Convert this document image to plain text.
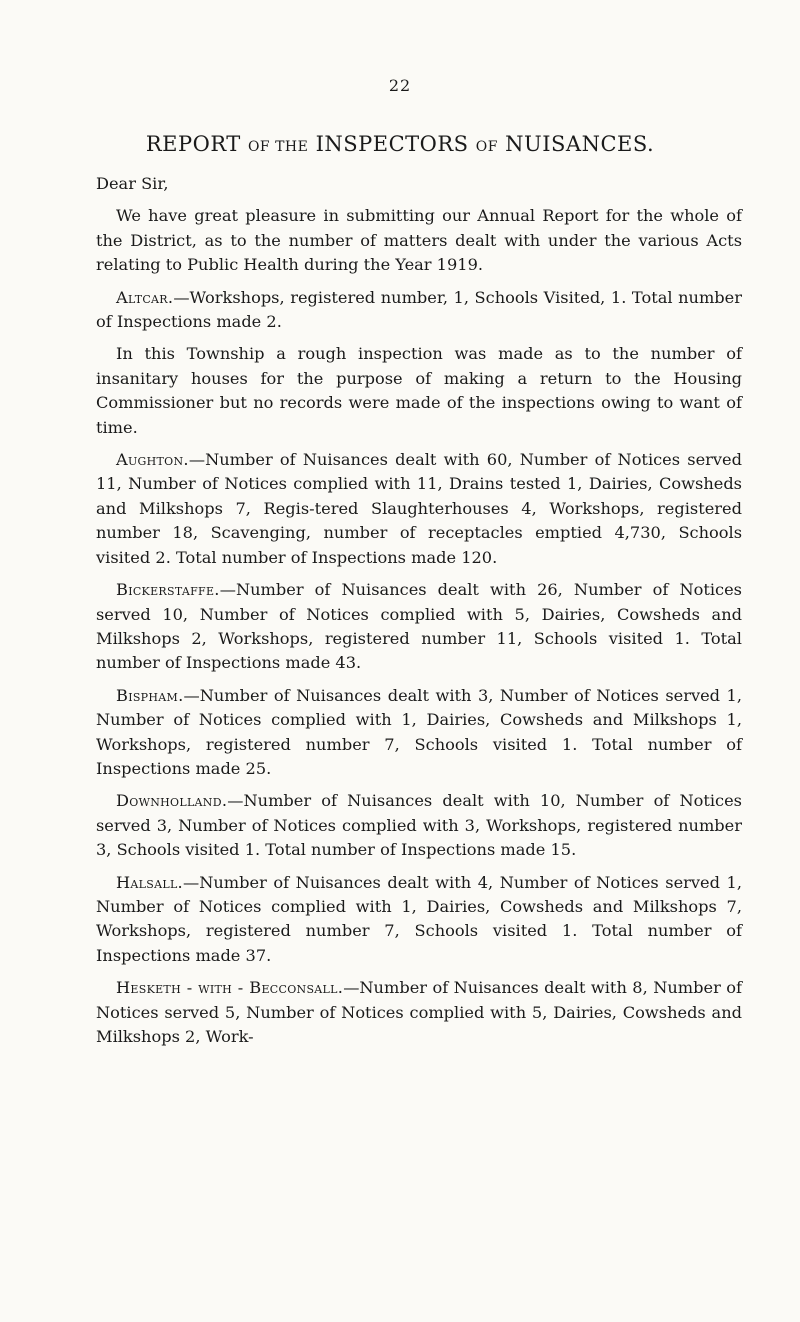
22
REPORT OF THE INSPECTORS OF NUISANCES.

Dear Sir,

We have great pleasure in submitting our Annual Report for the whole of the District, as to the number of matters dealt with under the various Acts relating to Public Health during the Year 1919.

Altcar.—Workshops, registered number, 1, Schools Visited, 1. Total number of Inspections made 2.

In this Township a rough inspection was made as to the number of insanitary houses for the purpose of making a return to the Housing Commissioner but no records were made of the inspections owing to want of time.

Aughton.—Number of Nuisances dealt with 60, Number of Notices served 11, Number of Notices complied with 11, Drains tested 1, Dairies, Cowsheds and Milkshops 7, Regis-tered Slaughterhouses 4, Workshops, registered number 18, Scavenging, number of receptacles emptied 4,730, Schools visited 2. Total number of Inspections made 120.

Bickerstaffe.—Number of Nuisances dealt with 26, Number of Notices served 10, Number of Notices complied with 5, Dairies, Cowsheds and Milkshops 2, Workshops, registered number 11, Schools visited 1. Total number of Inspections made 43.

Bispham.—Number of Nuisances dealt with 3, Number of Notices served 1, Number of Notices complied with 1, Dairies, Cowsheds and Milkshops 1, Workshops, registered number 7, Schools visited 1. Total number of Inspections made 25.

Downholland.—Number of Nuisances dealt with 10, Number of Notices served 3, Number of Notices complied with 3, Workshops, registered number 3, Schools visited 1. Total number of Inspections made 15.

Halsall.—Number of Nuisances dealt with 4, Number of Notices served 1, Number of Notices complied with 1, Dairies, Cowsheds and Milkshops 7, Workshops, registered number 7, Schools visited 1. Total number of Inspections made 37.

Hesketh - with - Becconsall.—Number of Nuisances dealt with 8, Number of Notices served 5, Number of Notices complied with 5, Dairies, Cowsheds and Milkshops 2, Work-
